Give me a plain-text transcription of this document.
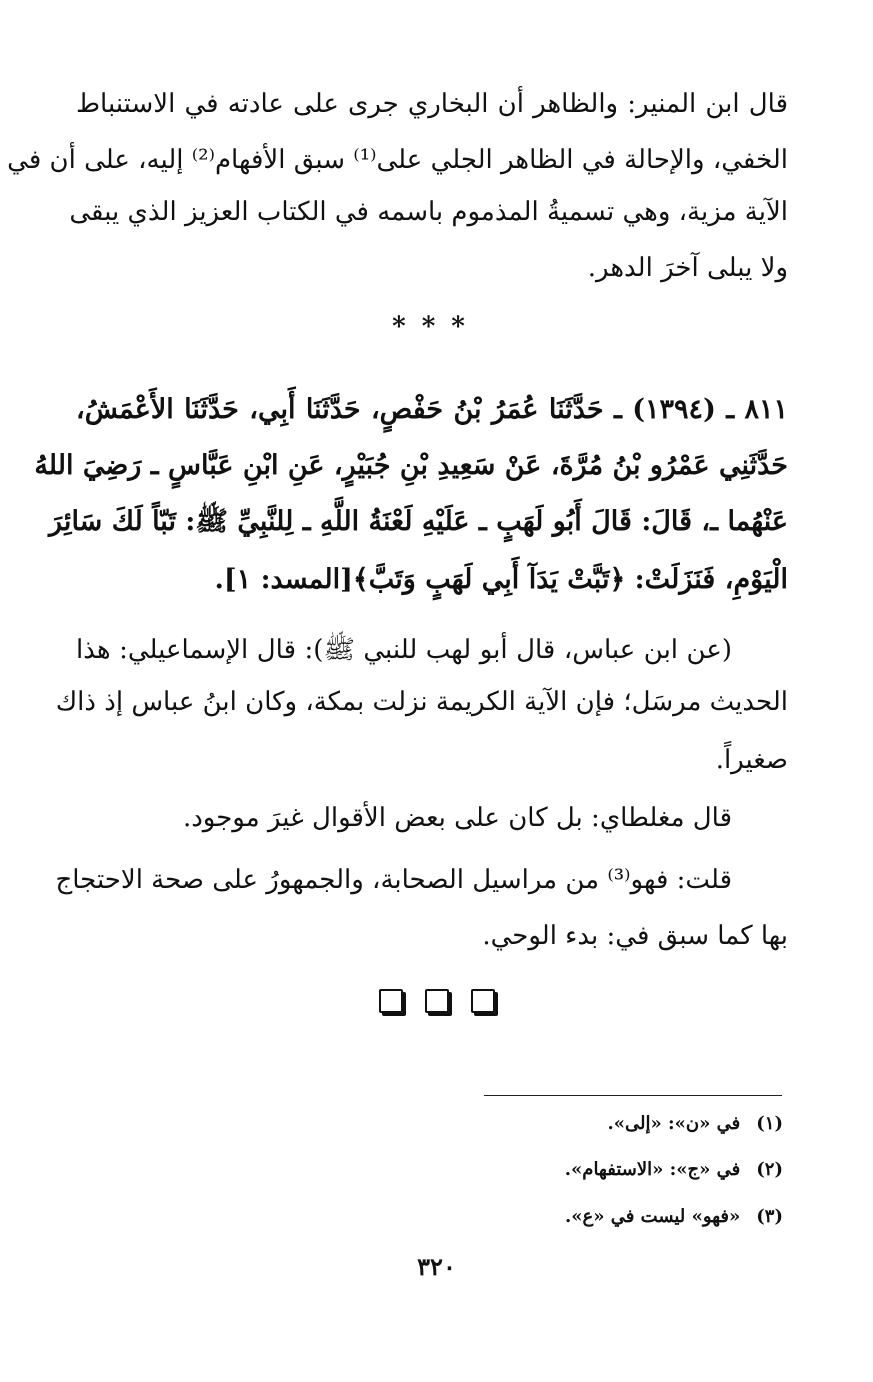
قال ابن المنير: والظاهر أن البخاري جرى على عادته في الاستنباط
الخفي، والإحالة في الظاهر الجلي على⁽¹⁾ سبق الأفهام⁽²⁾ إليه، على أن في
الآية مزية، وهي تسميةُ المذموم باسمه في الكتاب العزيز الذي يبقى
ولا يبلى آخرَ الدهر.
***
٨١١ ـ (١٣٩٤) ـ حَدَّثَنَا عُمَرُ بْنُ حَفْصٍ، حَدَّثَنَا أَبِي، حَدَّثَنَا الأَعْمَشُ،
حَدَّثَنِي عَمْرُو بْنُ مُرَّةَ، عَنْ سَعِيدِ بْنِ جُبَيْرٍ، عَنِ ابْنِ عَبَّاسٍ ـ رَضِيَ اللهُ
عَنْهُما ـ، قَالَ: قَالَ أَبُو لَهَبٍ ـ عَلَيْهِ لَعْنَةُ اللَّهِ ـ لِلنَّبِيِّ ﷺ: تَبّاً لَكَ سَائِرَ
الْيَوْمِ، فَنَزَلَتْ: ﴿تَبَّتْ يَدَآ أَبِي لَهَبٍ وَتَبَّ﴾[المسد: ١].
(عن ابن عباس، قال أبو لهب للنبي ﷺ): قال الإسماعيلي: هذا
الحديث مرسَل؛ فإن الآية الكريمة نزلت بمكة، وكان ابنُ عباس إذ ذاك
صغيراً.
قال مغلطاي: بل كان على بعض الأقوال غيرَ موجود.
قلت: فهو⁽³⁾ من مراسيل الصحابة، والجمهورُ على صحة الاحتجاج
بها كما سبق في: بدء الوحي.
(١)في «ن»: «إلى».
(٢)في «ج»: «الاستفهام».
(٣)«فهو» ليست في «ع».
٣٢٠
